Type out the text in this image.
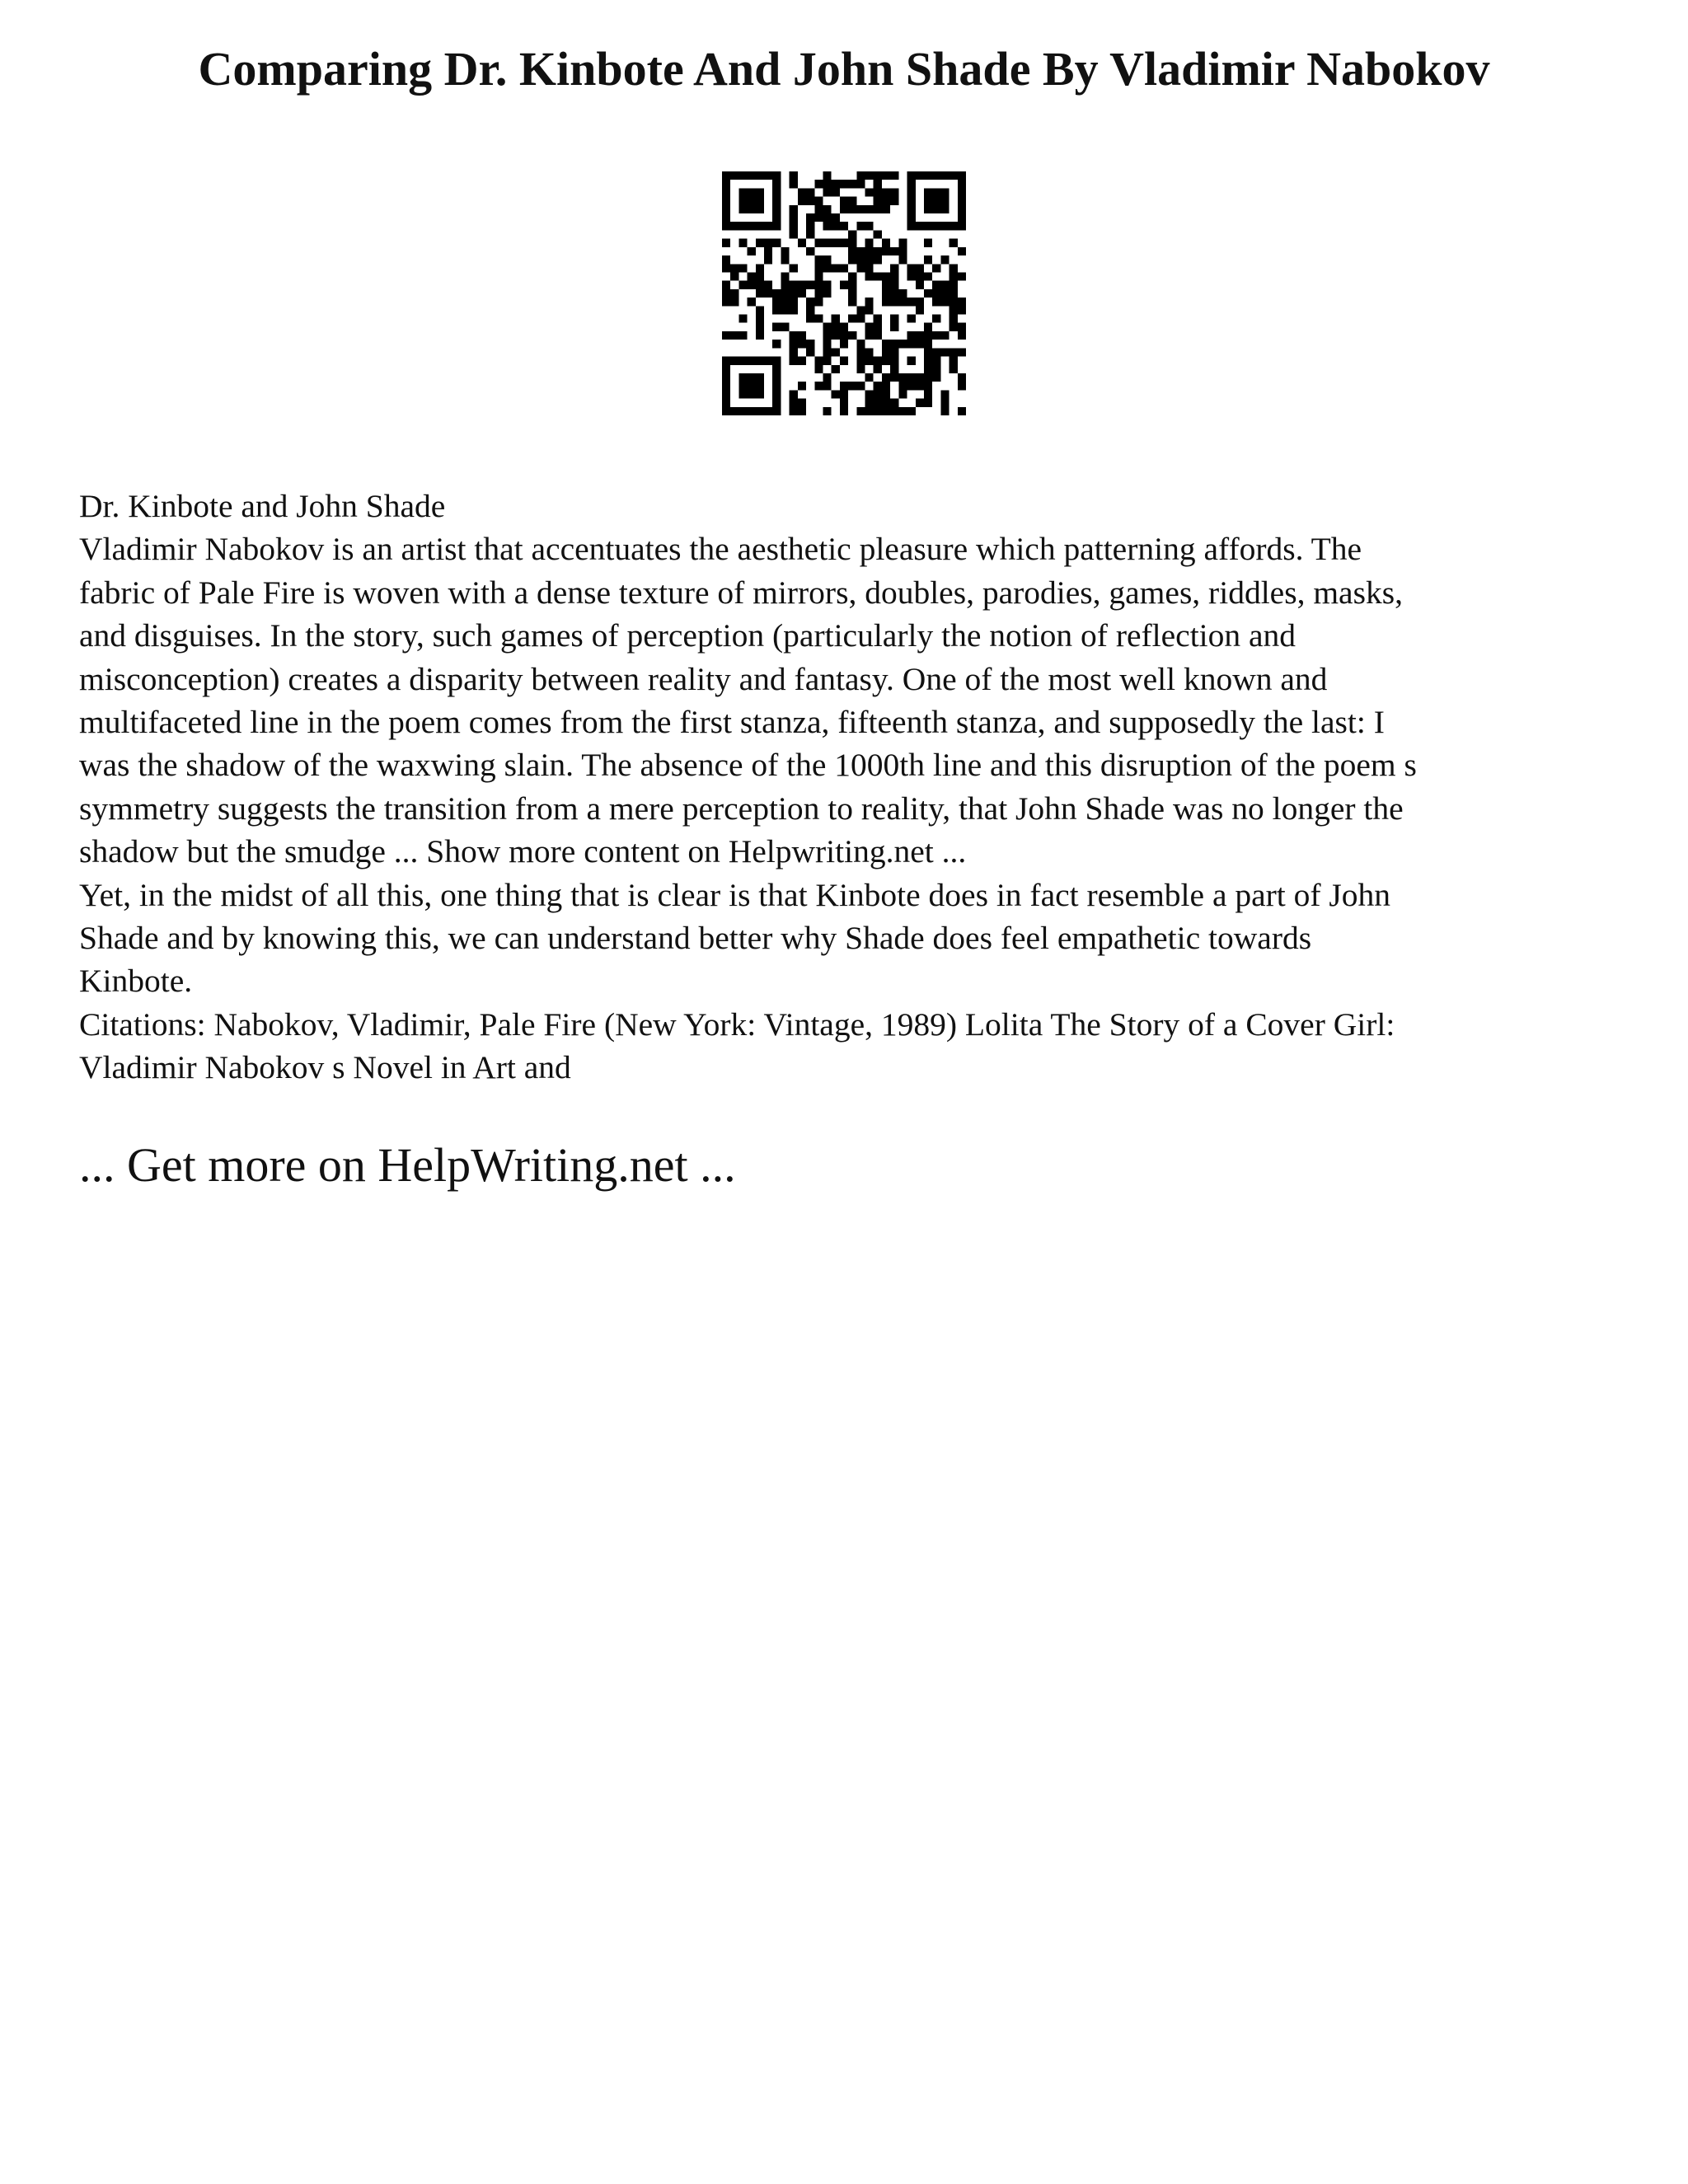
Comparing Dr. Kinbote And John Shade By Vladimir Nabokov

Dr. Kinbote and John Shade

Vladimir Nabokov is an artist that accentuates the aesthetic pleasure which patterning affords. The
fabric of Pale Fire is woven with a dense texture of mirrors, doubles, parodies, games, riddles, masks,
and disguises. In the story, such games of perception (particularly the notion of reflection and
misconception) creates a disparity between reality and fantasy. One of the most well known and
multifaceted line in the poem comes from the first stanza, fifteenth stanza, and supposedly the last: I
was the shadow of the waxwing slain. The absence of the 1000th line and this disruption of the poem s
symmetry suggests the transition from a mere perception to reality, that John Shade was no longer the
shadow but the smudge ... Show more content on Helpwriting.net ...

Yet, in the midst of all this, one thing that is clear is that Kinbote does in fact resemble a part of John
Shade and by knowing this, we can understand better why Shade does feel empathetic towards
Kinbote.

Citations: Nabokov, Vladimir, Pale Fire (New York: Vintage, 1989) Lolita The Story of a Cover Girl:
Vladimir Nabokov s Novel in Art and

... Get more on HelpWriting.net ...
